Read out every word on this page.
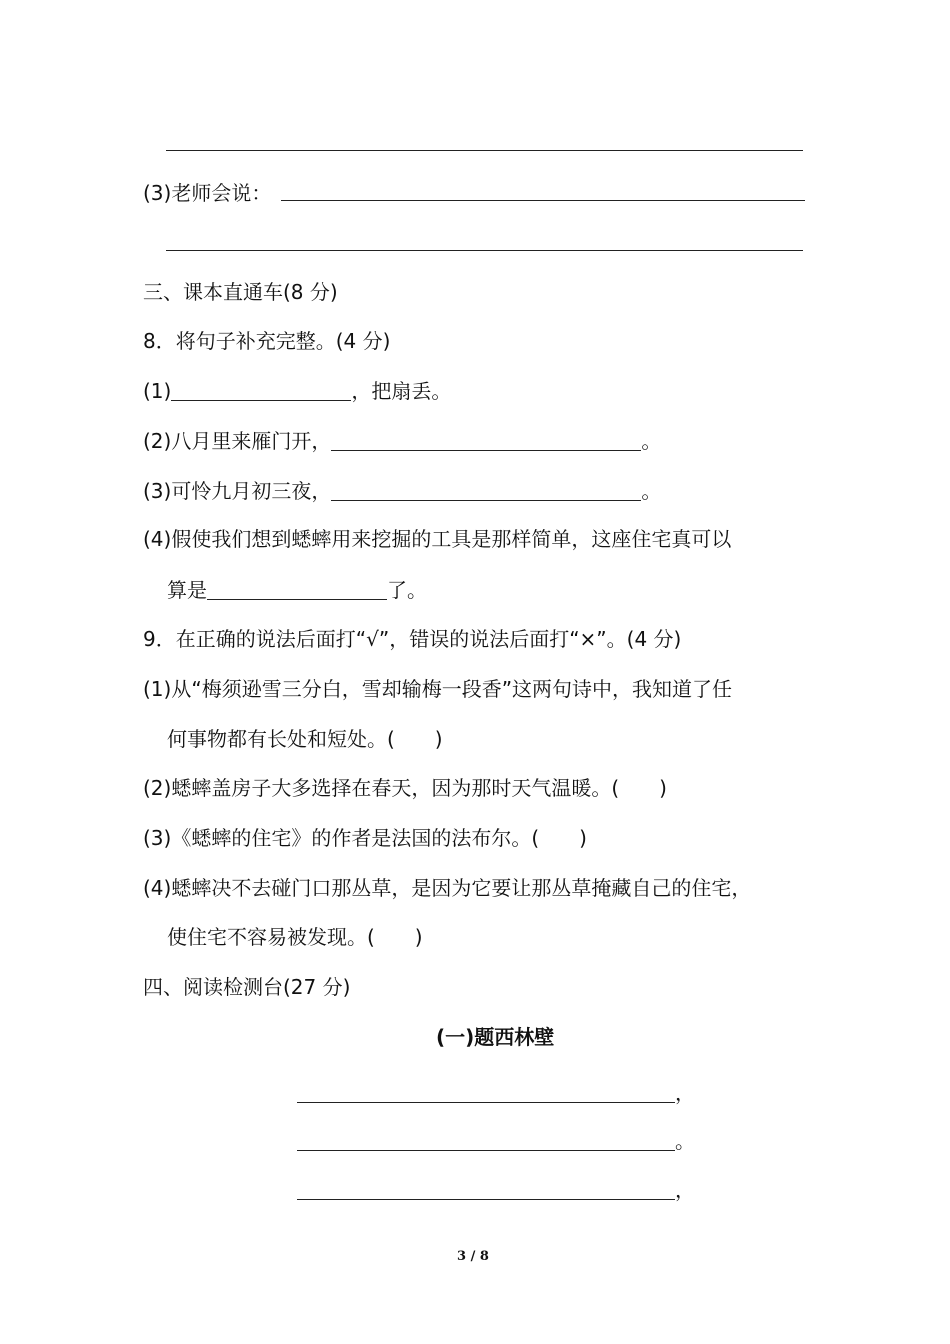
(3)老师会说：
三、课本直通车(8 分)
8．将句子补充完整。(4 分)
(1)	，把扇丢。
(2)八月里来雁门开，	。
(3)可怜九月初三夜，	。
(4)假使我们想到蟋蟀用来挖掘的工具是那样简单，这座住宅真可以
算是	了。
9．在正确的说法后面打“√”，错误的说法后面打“×”。(4 分)
(1)从“梅须逊雪三分白，雪却输梅一段香”这两句诗中，我知道了任
何事物都有长处和短处。(　　)
(2)蟋蟀盖房子大多选择在春天，因为那时天气温暖。(　　)
(3)《蟋蟀的住宅》的作者是法国的法布尔。(　　)
(4)蟋蟀决不去碰门口那丛草，是因为它要让那丛草掩藏自己的住宅，
使住宅不容易被发现。(　　)
四、阅读检测台(27 分)
(一)题西林壁
，
。
，
3 / 8
